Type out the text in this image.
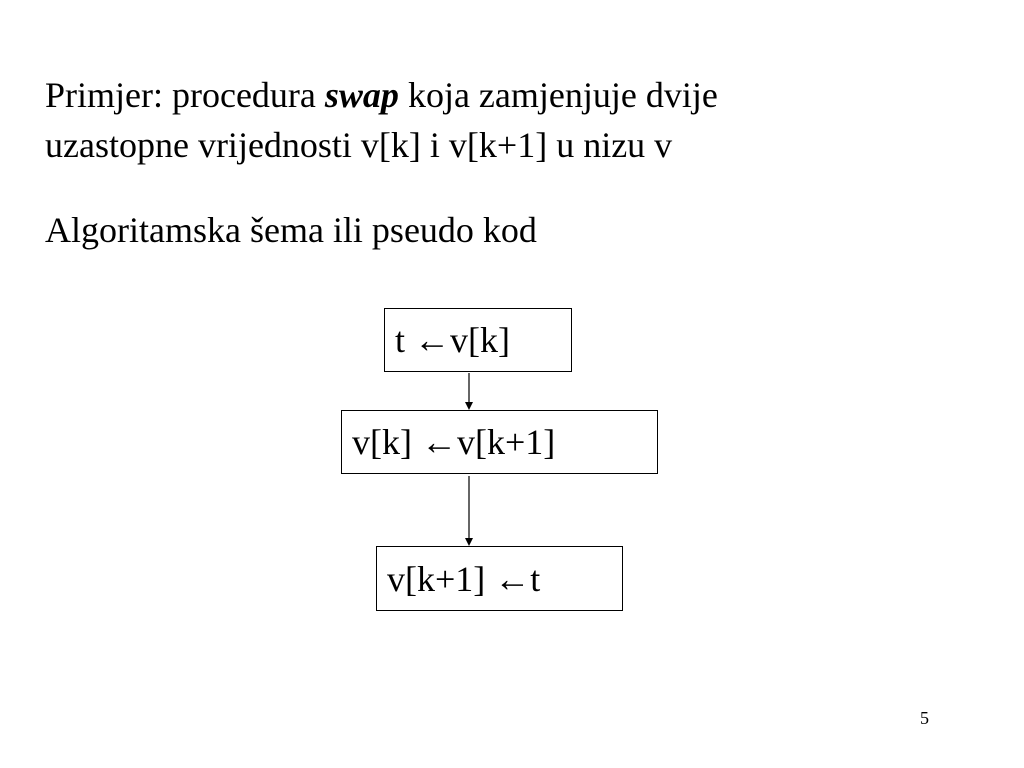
Primjer: procedura swap koja zamjenjuje dvije
uzastopne vrijednosti v[k] i v[k+1] u nizu v
Algoritamska šema ili pseudo kod
t ←v[k]
v[k] ←v[k+1]
v[k+1] ←t
5
